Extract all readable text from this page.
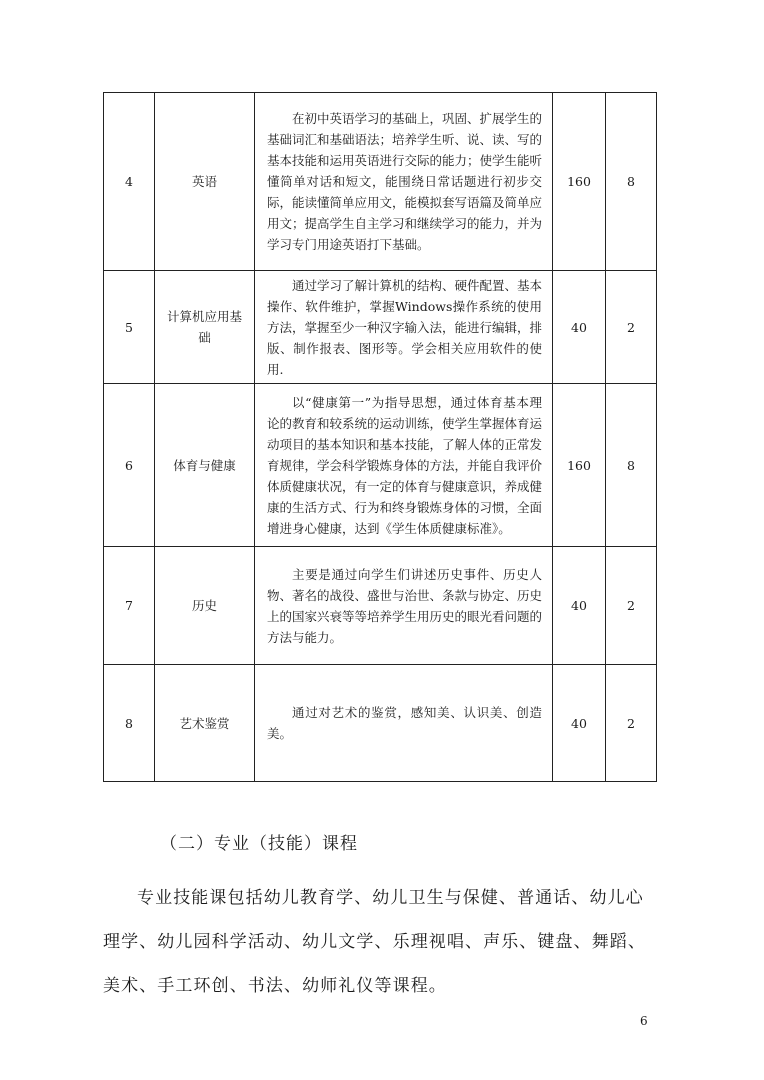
4	英语	在初中英语学习的基础上，巩固、扩展学生的基础词汇和基础语法；培养学生听、说、读、写的基本技能和运用英语进行交际的能力；使学生能听懂简单对话和短文，能围绕日常话题进行初步交际，能读懂简单应用文，能模拟套写语篇及简单应用文；提高学生自主学习和继续学习的能力，并为学习专门用途英语打下基础。	160	8
5	计算机应用基础	通过学习了解计算机的结构、硬件配置、基本操作、软件维护，掌握Windows操作系统的使用方法，掌握至少一种汉字输入法，能进行编辑，排版、制作报表、图形等。学会相关应用软件的使用.	40	2
6	体育与健康	以“健康第一”为指导思想，通过体育基本理论的教育和较系统的运动训练，使学生掌握体育运动项目的基本知识和基本技能，了解人体的正常发育规律，学会科学锻炼身体的方法，并能自我评价体质健康状况，有一定的体育与健康意识，养成健康的生活方式、行为和终身锻炼身体的习惯，全面增进身心健康，达到《学生体质健康标准》。	160	8
7	历史	主要是通过向学生们讲述历史事件、历史人物、著名的战役、盛世与治世、条款与协定、历史上的国家兴衰等等培养学生用历史的眼光看问题的方法与能力。	40	2
8	艺术鉴赏	通过对艺术的鉴赏，感知美、认识美、创造美。	40	2
（二）专业（技能）课程

专业技能课包括幼儿教育学、幼儿卫生与保健、普通话、幼儿心理学、幼儿园科学活动、幼儿文学、乐理视唱、声乐、键盘、舞蹈、美术、手工环创、书法、幼师礼仪等课程。

6
